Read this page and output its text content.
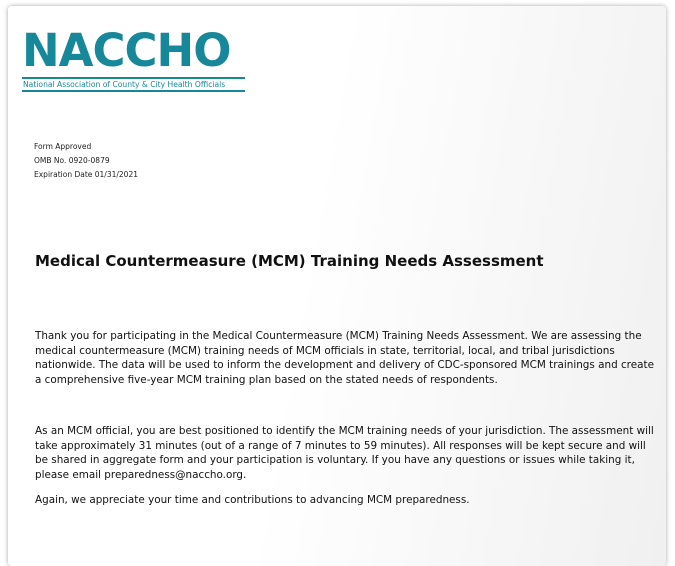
NACCHO
National Association of County & City Health Officials
Form Approved
OMB No. 0920-0879
Expiration Date 01/31/2021
Medical Countermeasure (MCM) Training Needs Assessment
Thank you for participating in the Medical Countermeasure (MCM) Training Needs Assessment. We are assessing the medical countermeasure (MCM) training needs of MCM officials in state, territorial, local, and tribal jurisdictions nationwide. The data will be used to inform the development and delivery of CDC-sponsored MCM trainings and create a comprehensive five-year MCM training plan based on the stated needs of respondents.
As an MCM official, you are best positioned to identify the MCM training needs of your jurisdiction. The assessment will take approximately 31 minutes (out of a range of 7 minutes to 59 minutes). All responses will be kept secure and will be shared in aggregate form and your participation is voluntary. If you have any questions or issues while taking it, please email preparedness@naccho.org.
Again, we appreciate your time and contributions to advancing MCM preparedness.
